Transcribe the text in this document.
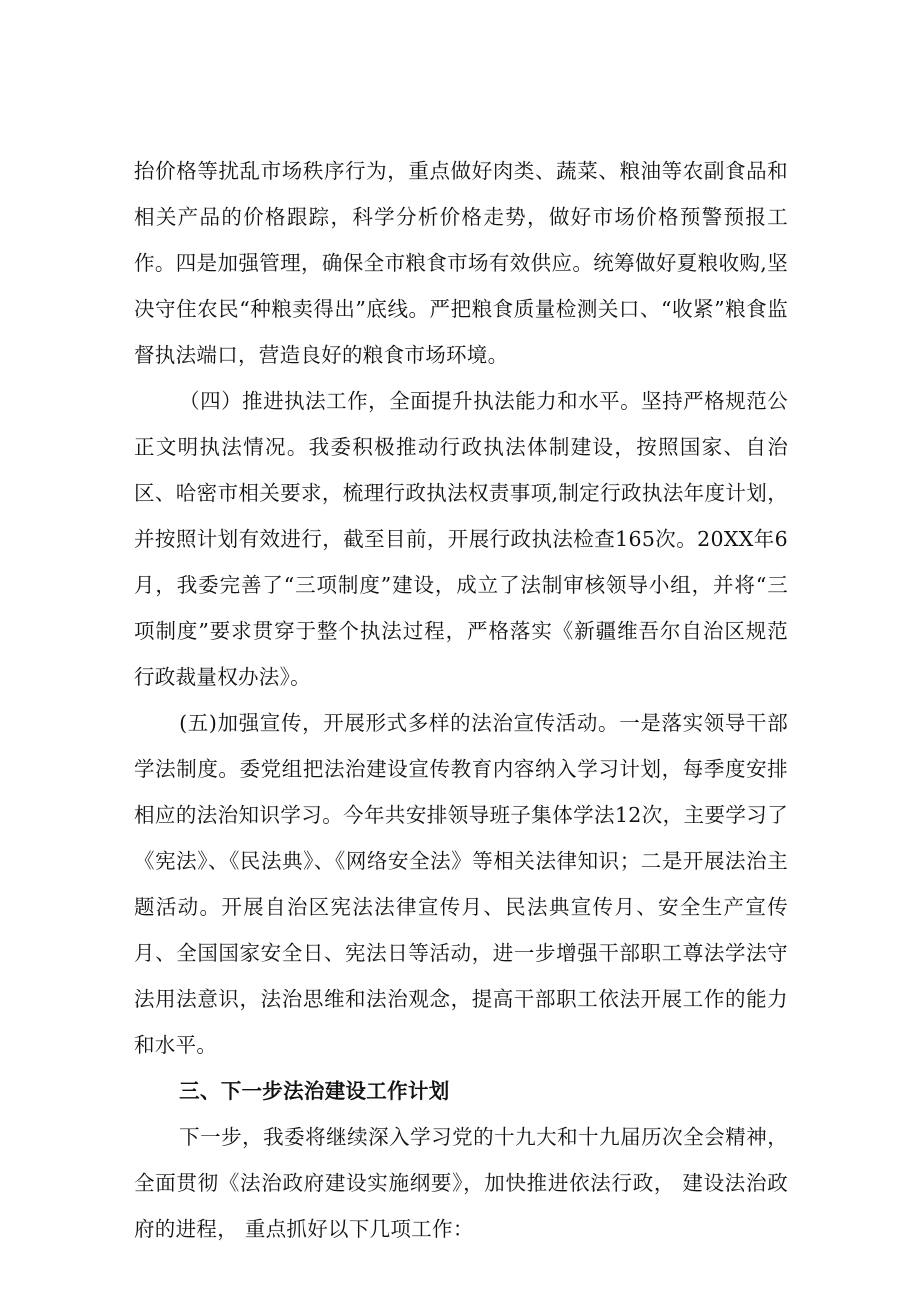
抬价格等扰乱市场秩序行为，重点做好肉类、蔬菜、粮油等农副食品和相关产品的价格跟踪，科学分析价格走势，做好市场价格预警预报工作。四是加强管理，确保全市粮食市场有效供应。统筹做好夏粮收购,坚决守住农民“种粮卖得出”底线。严把粮食质量检测关口、“收紧”粮食监督执法端口，营造良好的粮食市场环境。

（四）推进执法工作，全面提升执法能力和水平。坚持严格规范公正文明执法情况。我委积极推动行政执法体制建设，按照国家、自治区、哈密市相关要求，梳理行政执法权责事项,制定行政执法年度计划，并按照计划有效进行，截至目前，开展行政执法检查165次。20XX年6月，我委完善了“三项制度”建设，成立了法制审核领导小组，并将“三项制度”要求贯穿于整个执法过程，严格落实《新疆维吾尔自治区规范行政裁量权办法》。

(五)加强宣传，开展形式多样的法治宣传活动。一是落实领导干部学法制度。委党组把法治建设宣传教育内容纳入学习计划，每季度安排相应的法治知识学习。今年共安排领导班子集体学法12次，主要学习了《宪法》、《民法典》、《网络安全法》等相关法律知识；二是开展法治主题活动。开展自治区宪法法律宣传月、民法典宣传月、安全生产宣传月、全国国家安全日、宪法日等活动，进一步增强干部职工尊法学法守法用法意识，法治思维和法治观念，提高干部职工依法开展工作的能力和水平。

三、下一步法治建设工作计划

下一步，我委将继续深入学习党的十九大和十九届历次全会精神，全面贯彻《法治政府建设实施纲要》，加快推进依法行政， 建设法治政府的进程， 重点抓好以下几项工作：
